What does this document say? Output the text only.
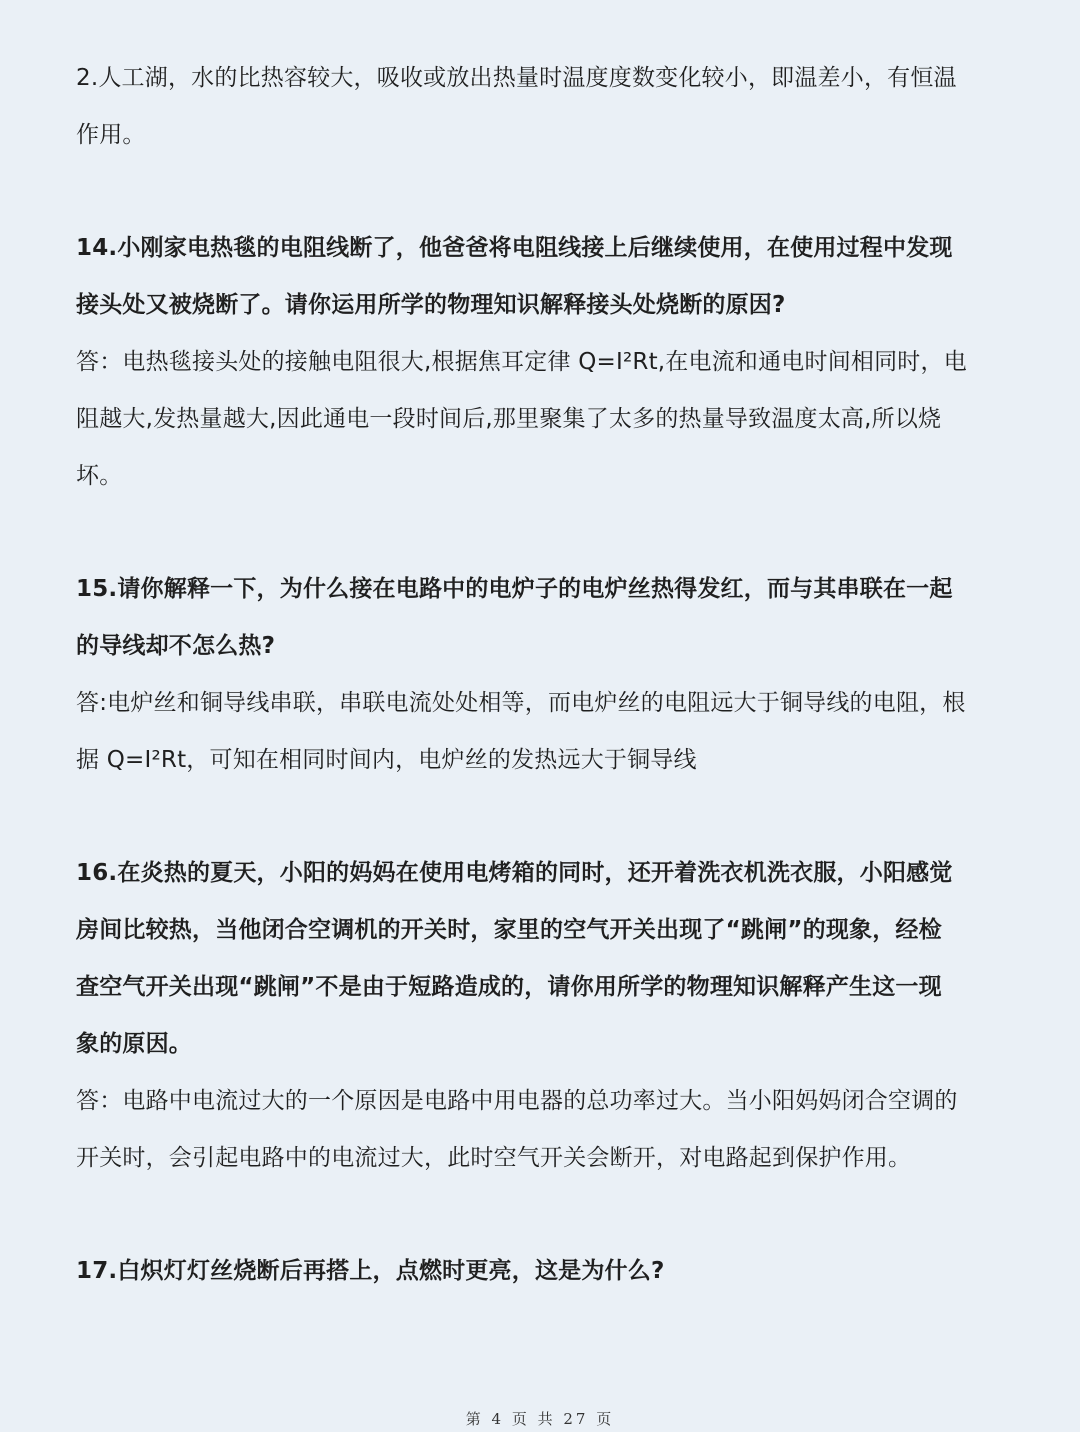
2.人工湖，水的比热容较大，吸收或放出热量时温度度数变化较小，即温差小，有恒温
作用。
14.小刚家电热毯的电阻线断了，他爸爸将电阻线接上后继续使用，在使用过程中发现
接头处又被烧断了。请你运用所学的物理知识解释接头处烧断的原因?
答：电热毯接头处的接触电阻很大,根据焦耳定律 Q=I²Rt,在电流和通电时间相同时，电
阻越大,发热量越大,因此通电一段时间后,那里聚集了太多的热量导致温度太高,所以烧
坏。
15.请你解释一下，为什么接在电路中的电炉子的电炉丝热得发红，而与其串联在一起
的导线却不怎么热?
答:电炉丝和铜导线串联，串联电流处处相等，而电炉丝的电阻远大于铜导线的电阻，根
据 Q=I²Rt，可知在相同时间内，电炉丝的发热远大于铜导线
16.在炎热的夏天，小阳的妈妈在使用电烤箱的同时，还开着洗衣机洗衣服，小阳感觉
房间比较热，当他闭合空调机的开关时，家里的空气开关出现了“跳闸”的现象，经检
查空气开关出现“跳闸”不是由于短路造成的，请你用所学的物理知识解释产生这一现
象的原因。
答：电路中电流过大的一个原因是电路中用电器的总功率过大。当小阳妈妈闭合空调的
开关时，会引起电路中的电流过大，此时空气开关会断开，对电路起到保护作用。
17.白炽灯灯丝烧断后再搭上，点燃时更亮，这是为什么?
第 4 页 共 27 页
